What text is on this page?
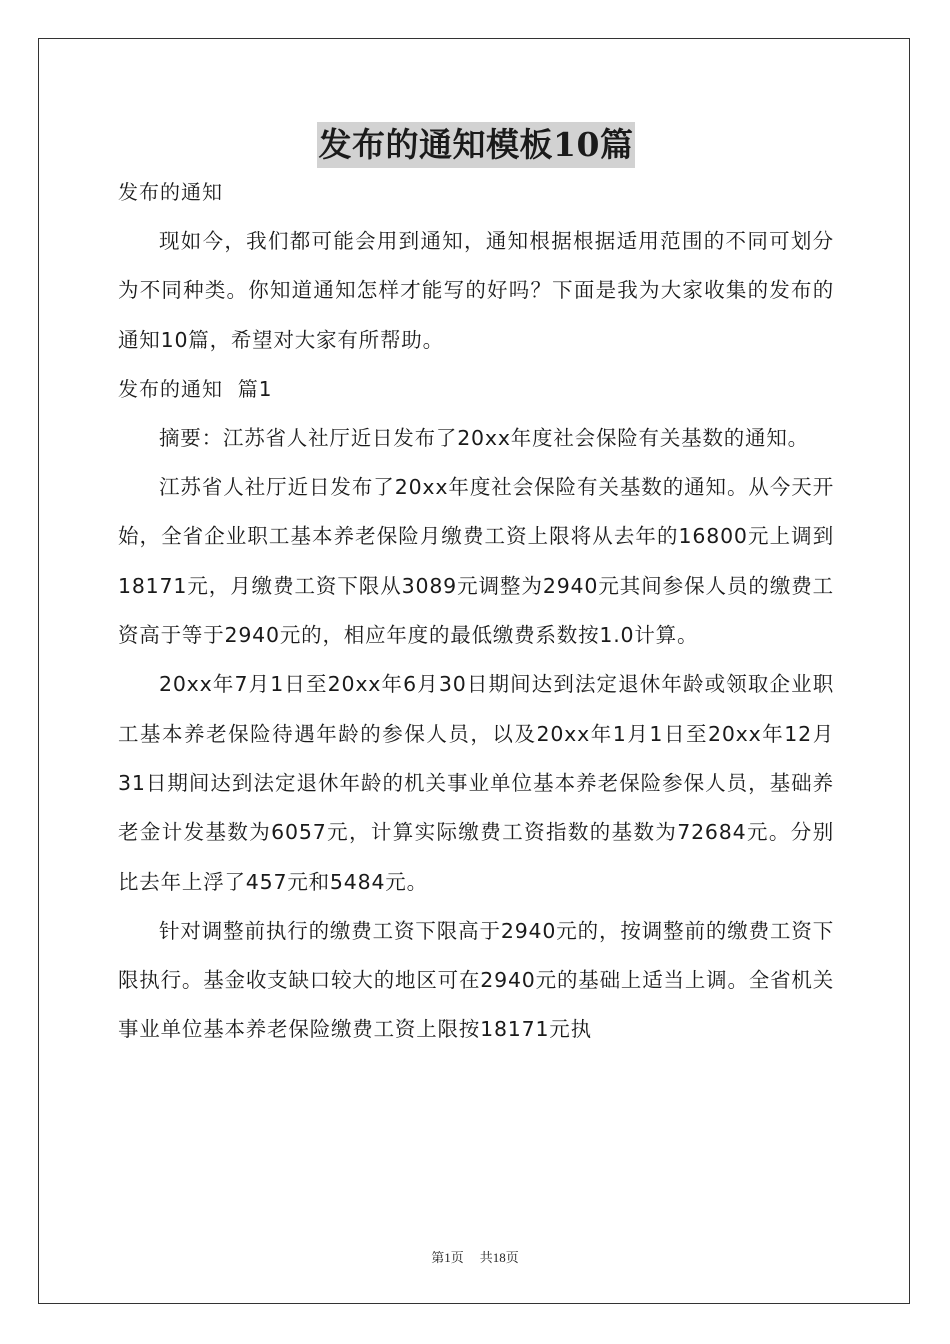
发布的通知模板10篇
发布的通知

现如今，我们都可能会用到通知，通知根据根据适用范围的不同可划分为不同种类。你知道通知怎样才能写的好吗？下面是我为大家收集的发布的通知10篇，希望对大家有所帮助。

发布的通知  篇1

摘要：江苏省人社厅近日发布了20xx年度社会保险有关基数的通知。

江苏省人社厅近日发布了20xx年度社会保险有关基数的通知。从今天开始，全省企业职工基本养老保险月缴费工资上限将从去年的16800元上调到18171元，月缴费工资下限从3089元调整为2940元其间参保人员的缴费工资高于等于2940元的，相应年度的最低缴费系数按1.0计算。

20xx年7月1日至20xx年6月30日期间达到法定退休年龄或领取企业职工基本养老保险待遇年龄的参保人员，以及20xx年1月1日至20xx年12月31日期间达到法定退休年龄的机关事业单位基本养老保险参保人员，基础养老金计发基数为6057元，计算实际缴费工资指数的基数为72684元。分别比去年上浮了457元和5484元。

针对调整前执行的缴费工资下限高于2940元的，按调整前的缴费工资下限执行。基金收支缺口较大的地区可在2940元的基础上适当上调。全省机关事业单位基本养老保险缴费工资上限按18171元执

第1页 共18页
